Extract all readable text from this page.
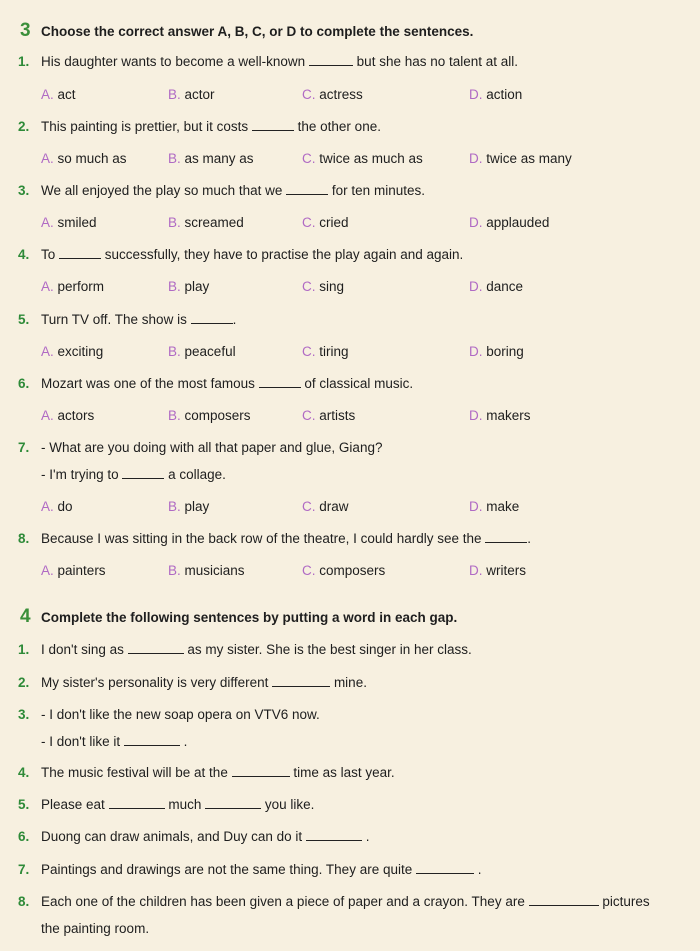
3 Choose the correct answer A, B, C, or D to complete the sentences.
1. His daughter wants to become a well-known	but she has no talent at all.
A. act	B. actor	C. actress	D. action
2. This painting is prettier, but it costs	the other one.
A. so much as	B. as many as	C. twice as much as	D. twice as many
3. We all enjoyed the play so much that we	for ten minutes.
A. smiled	B. screamed	C. cried	D. applauded
4. To	successfully, they have to practise the play again and again.
A. perform	B. play	C. sing	D. dance
5. Turn TV off. The show is	.
A. exciting	B. peaceful	C. tiring	D. boring
6. Mozart was one of the most famous	of classical music.
A. actors	B. composers	C. artists	D. makers
7. - What are you doing with all that paper and glue, Giang?
- I'm trying to	a collage.
A. do	B. play	C. draw	D. make
8. Because I was sitting in the back row of the theatre, I could hardly see the	.
A. painters	B. musicians	C. composers	D. writers
4 Complete the following sentences by putting a word in each gap.
1. I don't sing as	as my sister. She is the best singer in her class.
2. My sister's personality is very different	mine.
3. - I don't like the new soap opera on VTV6 now.
- I don't like it	.
4. The music festival will be at the	time as last year.
5. Please eat	much	you like.
6. Duong can draw animals, and Duy can do it	.
7. Paintings and drawings are not the same thing. They are quite	.
8. Each one of the children has been given a piece of paper and a crayon. They are	pictures
the painting room.
